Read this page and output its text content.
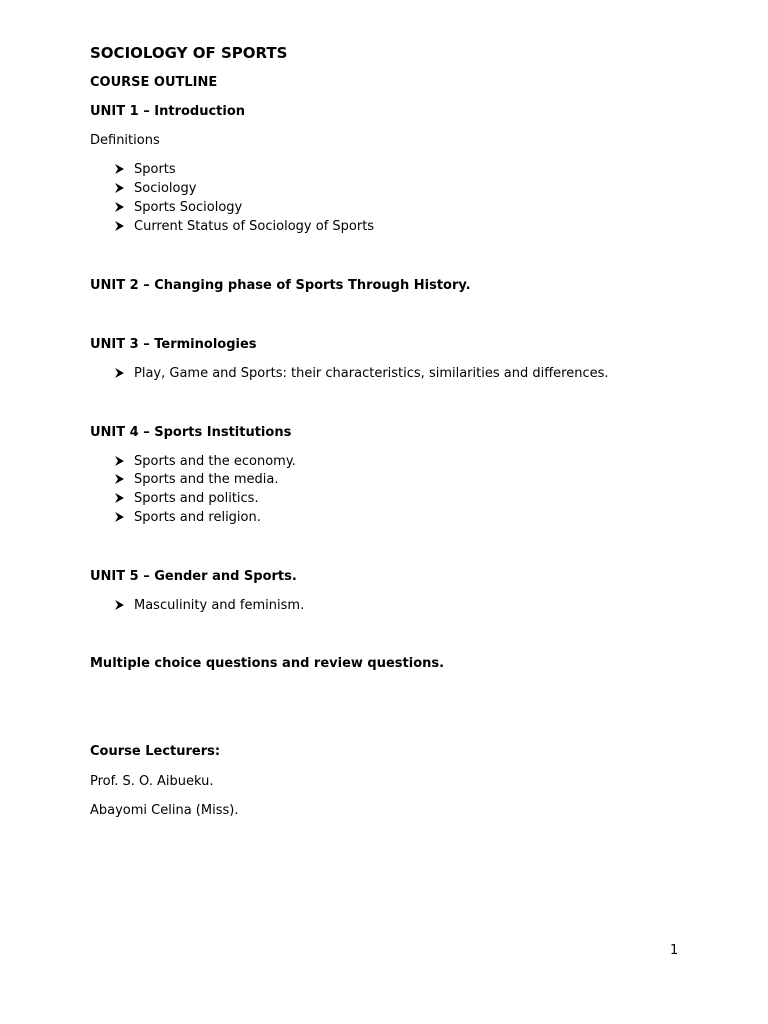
SOCIOLOGY OF SPORTS
COURSE OUTLINE
UNIT 1 – Introduction
Definitions
Sports
Sociology
Sports Sociology
Current Status of Sociology of Sports
UNIT 2 – Changing phase of Sports Through History.
UNIT 3 – Terminologies
Play, Game and Sports: their characteristics, similarities and differences.
UNIT 4 – Sports Institutions
Sports and the economy.
Sports and the media.
Sports and politics.
Sports and religion.
UNIT 5 – Gender and Sports.
Masculinity and feminism.
Multiple choice questions and review questions.
Course Lecturers:
Prof. S. O. Aibueku.
Abayomi Celina (Miss).
1
